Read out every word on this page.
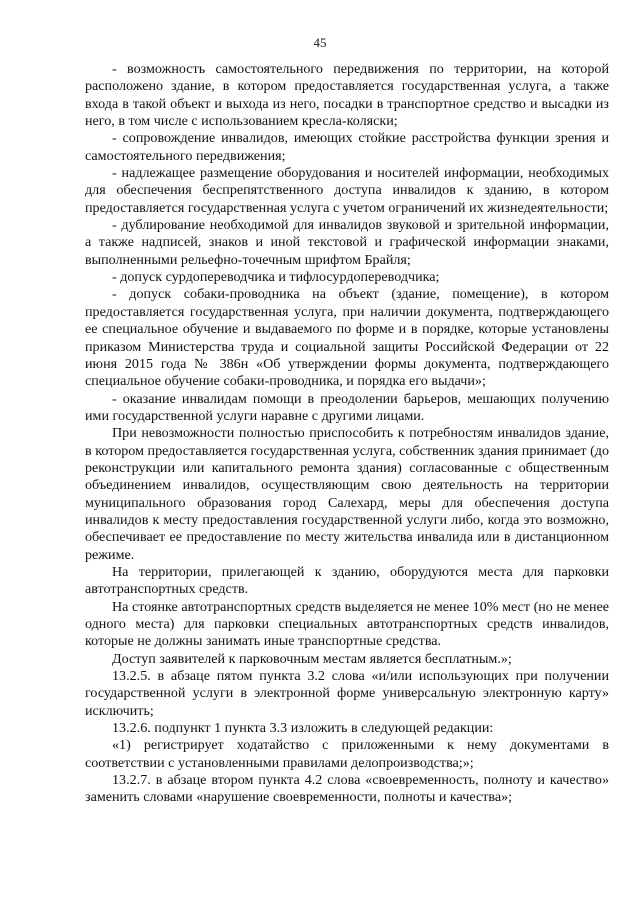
45

- возможность самостоятельного передвижения по территории, на которой расположено здание, в котором предоставляется государственная услуга, а также входа в такой объект и выхода из него, посадки в транспортное средство и высадки из него, в том числе с использованием кресла-коляски;

- сопровождение инвалидов, имеющих стойкие расстройства функции зрения и самостоятельного передвижения;

- надлежащее размещение оборудования и носителей информации, необходимых для обеспечения беспрепятственного доступа инвалидов к зданию, в котором предоставляется государственная услуга с учетом ограничений их жизнедеятельности;

- дублирование необходимой для инвалидов звуковой и зрительной информации, а также надписей, знаков и иной текстовой и графической информации знаками, выполненными рельефно-точечным шрифтом Брайля;

- допуск сурдопереводчика и тифлосурдопереводчика;

- допуск собаки-проводника на объект (здание, помещение), в котором предоставляется государственная услуга, при наличии документа, подтверждающего ее специальное обучение и выдаваемого по форме и в порядке, которые установлены приказом Министерства труда и социальной защиты Российской Федерации от 22 июня 2015 года № 386н «Об утверждении формы документа, подтверждающего специальное обучение собаки-проводника, и порядка его выдачи»;

- оказание инвалидам помощи в преодолении барьеров, мешающих получению ими государственной услуги наравне с другими лицами.

При невозможности полностью приспособить к потребностям инвалидов здание, в котором предоставляется государственная услуга, собственник здания принимает (до реконструкции или капитального ремонта здания) согласованные с общественным объединением инвалидов, осуществляющим свою деятельность на территории муниципального образования город Салехард, меры для обеспечения доступа инвалидов к месту предоставления государственной услуги либо, когда это возможно, обеспечивает ее предоставление по месту жительства инвалида или в дистанционном режиме.

На территории, прилегающей к зданию, оборудуются места для парковки автотранспортных средств.

На стоянке автотранспортных средств выделяется не менее 10% мест (но не менее одного места) для парковки специальных автотранспортных средств инвалидов, которые не должны занимать иные транспортные средства.

Доступ заявителей к парковочным местам является бесплатным.»;

13.2.5. в абзаце пятом пункта 3.2 слова «и/или использующих при получении государственной услуги в электронной форме универсальную электронную карту» исключить;

13.2.6. подпункт 1 пункта 3.3 изложить в следующей редакции:

«1) регистрирует ходатайство с приложенными к нему документами в соответствии с установленными правилами делопроизводства;»;

13.2.7. в абзаце втором пункта 4.2 слова «своевременность, полноту и качество» заменить словами «нарушение своевременности, полноты и качества»;
